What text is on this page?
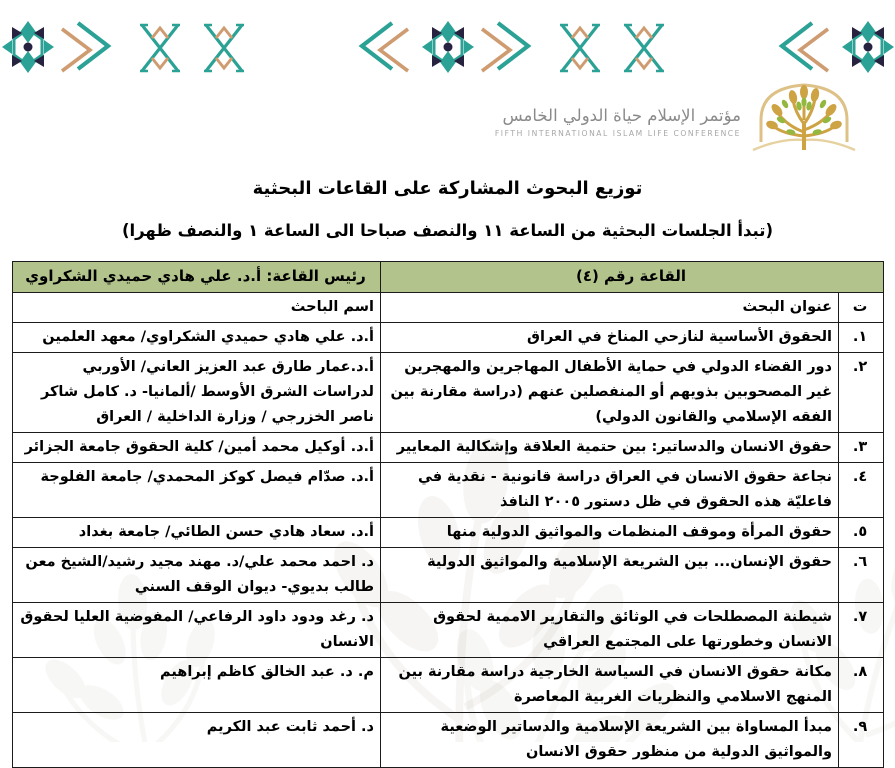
مؤتمر الإسلام حياة الدولي الخامس
FIFTH INTERNATIONAL ISLAM LIFE CONFERENCE
توزيع البحوث المشاركة على القاعات البحثية
(تبدأ الجلسات البحثية من الساعة ١١ والنصف صباحا الى الساعة ١ والنصف ظهرا)
القاعة رقم (٤)		رئيس القاعة: أ.د. علي هادي حميدي الشكراوي
ت	عنوان البحث	اسم الباحث
١.	الحقوق الأساسية لنازحي المناخ في العراق	أ.د. علي هادي حميدي الشكراوي/ معهد العلمين
٢.	دور القضاء الدولي في حماية الأطفال المهاجرين والمهجرين غير المصحوبين بذويهم أو المنفصلين عنهم (دراسة مقارنة بين الفقه الإسلامي والقانون الدولي)	أ.د.عمار طارق عبد العزيز العاني/ الأوربي لدراسات الشرق الأوسط /ألمانيا- د. كامل شاكر ناصر الخزرجي / وزارة الداخلية / العراق
٣.	حقوق الانسان والدساتير: بين حتمية العلاقة وإشكالية المعايير	أ.د. أوكيل محمد أمين/ كلية الحقوق جامعة الجزائر
٤.	نجاعة حقوق الانسان في العراق دراسة قانونية - نقدية في فاعليّة هذه الحقوق في ظل دستور ٢٠٠٥ النافذ	أ.د. صدّام فيصل كوكز المحمدي/ جامعة الفلوجة
٥.	حقوق المرأة وموقف المنظمات والمواثيق الدولية منها	أ.د. سعاد هادي حسن الطائي/ جامعة بغداد
٦.	حقوق الإنسان... بين الشريعة الإسلامية والمواثيق الدولية	د. احمد محمد علي/د. مهند مجيد رشيد/الشيخ معن طالب بديوي- ديوان الوقف السني
٧.	شيطنة المصطلحات في الوثائق والتقارير الاممية لحقوق الانسان وخطورتها على المجتمع العراقي	د. رغد ودود داود الرفاعي/ المفوضية العليا لحقوق الانسان
٨.	مكانة حقوق الانسان في السياسة الخارجية دراسة مقارنة بين المنهج الاسلامي والنظريات الغربية المعاصرة	م. د. عبد الخالق كاظم إبراهيم
٩.	مبدأ المساواة بين الشريعة الإسلامية والدساتير الوضعية والمواثيق الدولية من منظور حقوق الانسان	د. أحمد ثابت عبد الكريم
